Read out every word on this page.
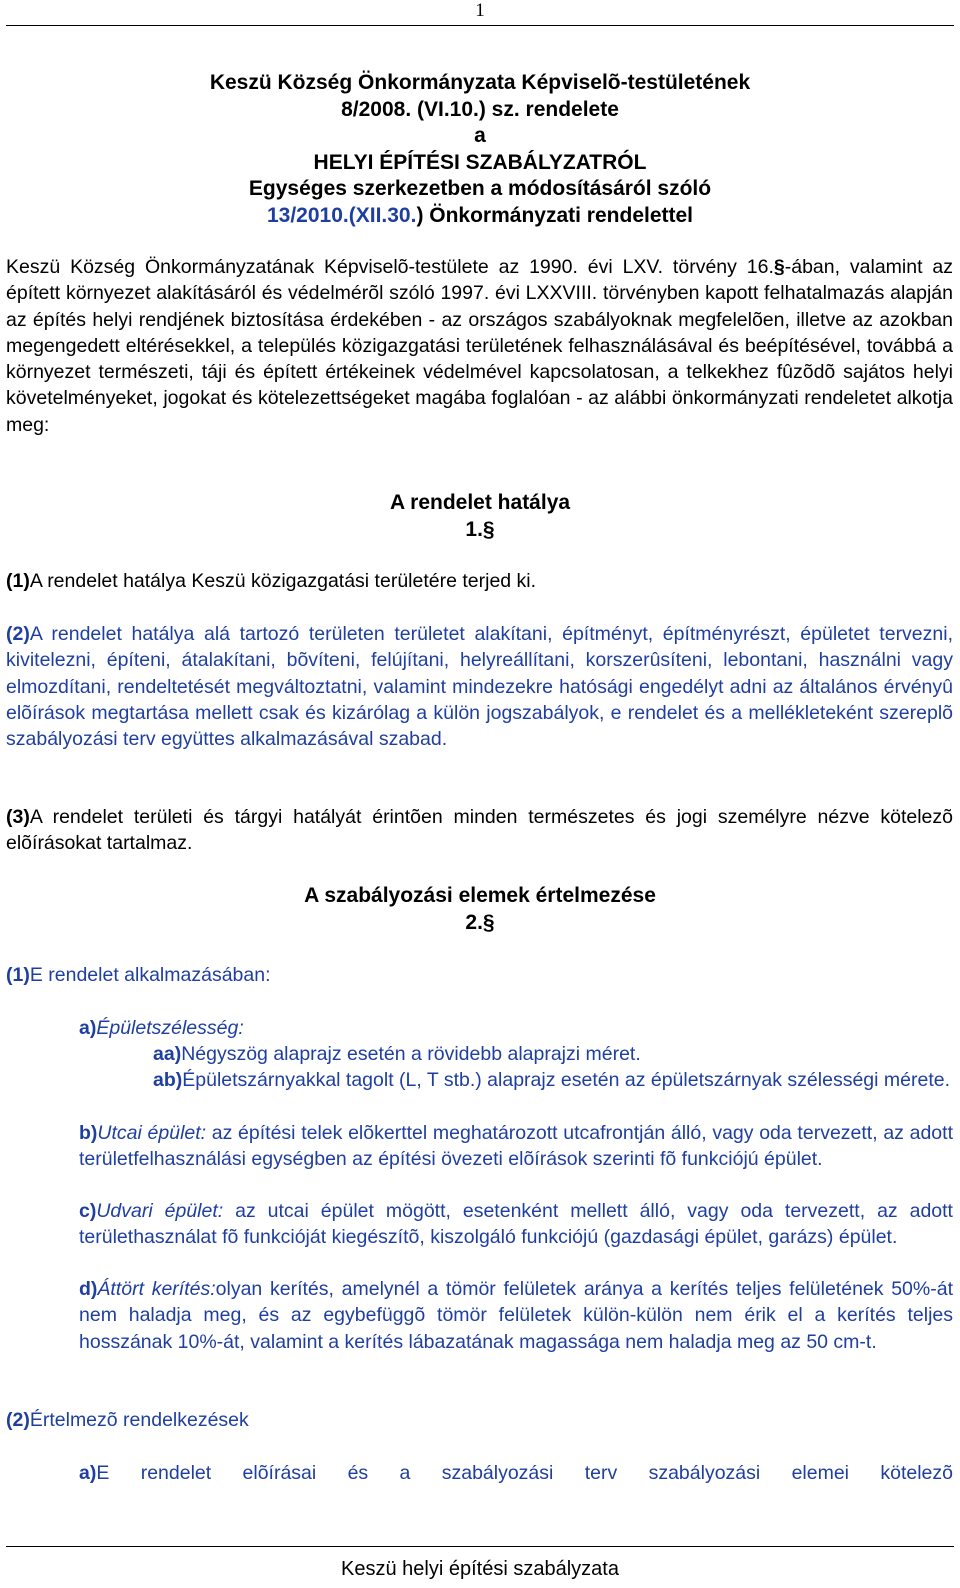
1
Keszü Község Önkormányzata Képviselõ-testületének
8/2008. (VI.10.) sz. rendelete
a
HELYI ÉPÍTÉSI SZABÁLYZATRÓL
Egységes szerkezetben a módosításáról szóló
13/2010.(XII.30.) Önkormányzati rendelettel
Keszü Község Önkormányzatának Képviselõ-testülete az 1990. évi LXV. törvény 16.§-ában, valamint az épített környezet alakításáról és védelmérõl szóló 1997. évi LXXVIII. törvényben kapott felhatalmazás alapján az építés helyi rendjének biztosítása érdekében - az országos szabályoknak megfelelõen, illetve az azokban megengedett eltérésekkel, a település közigazgatási területének felhasználásával és beépítésével, továbbá a környezet természeti, táji és épített értékeinek védelmével kapcsolatosan, a telkekhez fûzõdõ sajátos helyi követelményeket, jogokat és kötelezettségeket magába foglalóan - az alábbi önkormányzati rendeletet alkotja meg:
A rendelet hatálya
1.§
(1)A rendelet hatálya Keszü közigazgatási területére terjed ki.
(2)A rendelet hatálya alá tartozó területen területet alakítani, építményt, építményrészt, épületet tervezni, kivitelezni, építeni, átalakítani, bõvíteni, felújítani, helyreállítani, korszerûsíteni, lebontani, használni vagy elmozdítani, rendeltetését megváltoztatni, valamint mindezekre hatósági engedélyt adni az általános érvényû elõírások megtartása mellett csak és kizárólag a külön jogszabályok, e rendelet és a mellékleteként szereplõ szabályozási terv együttes alkalmazásával szabad.
(3)A rendelet területi és tárgyi hatályát érintõen minden természetes és jogi személyre nézve kötelezõ elõírásokat tartalmaz.
A szabályozási elemek értelmezése
2.§
(1)E rendelet alkalmazásában:
a)Épületszélesség:
aa)Négyszög alaprajz esetén a rövidebb alaprajzi méret.
ab)Épületszárnyakkal tagolt (L, T stb.) alaprajz esetén az épületszárnyak szélességi mérete.
b)Utcai épület: az építési telek elõkerttel meghatározott utcafrontján álló, vagy oda tervezett, az adott területfelhasználási egységben az építési övezeti elõírások szerinti fõ funkciójú épület.
c)Udvari épület: az utcai épület mögött, esetenként mellett álló, vagy oda tervezett, az adott területhasználat fõ funkcióját kiegészítõ, kiszolgáló funkciójú (gazdasági épület, garázs) épület.
d)Áttört kerítés:olyan kerítés, amelynél a tömör felületek aránya a kerítés teljes felületének 50%-át nem haladja meg, és az egybefüggõ tömör felületek külön-külön nem érik el a kerítés teljes hosszának 10%-át, valamint a kerítés lábazatának magassága nem haladja meg az 50 cm-t.
(2)Értelmezõ rendelkezések
a)E rendelet elõírásai és a szabályozási terv szabályozási elemei kötelezõ
Keszü helyi építési szabályzata
